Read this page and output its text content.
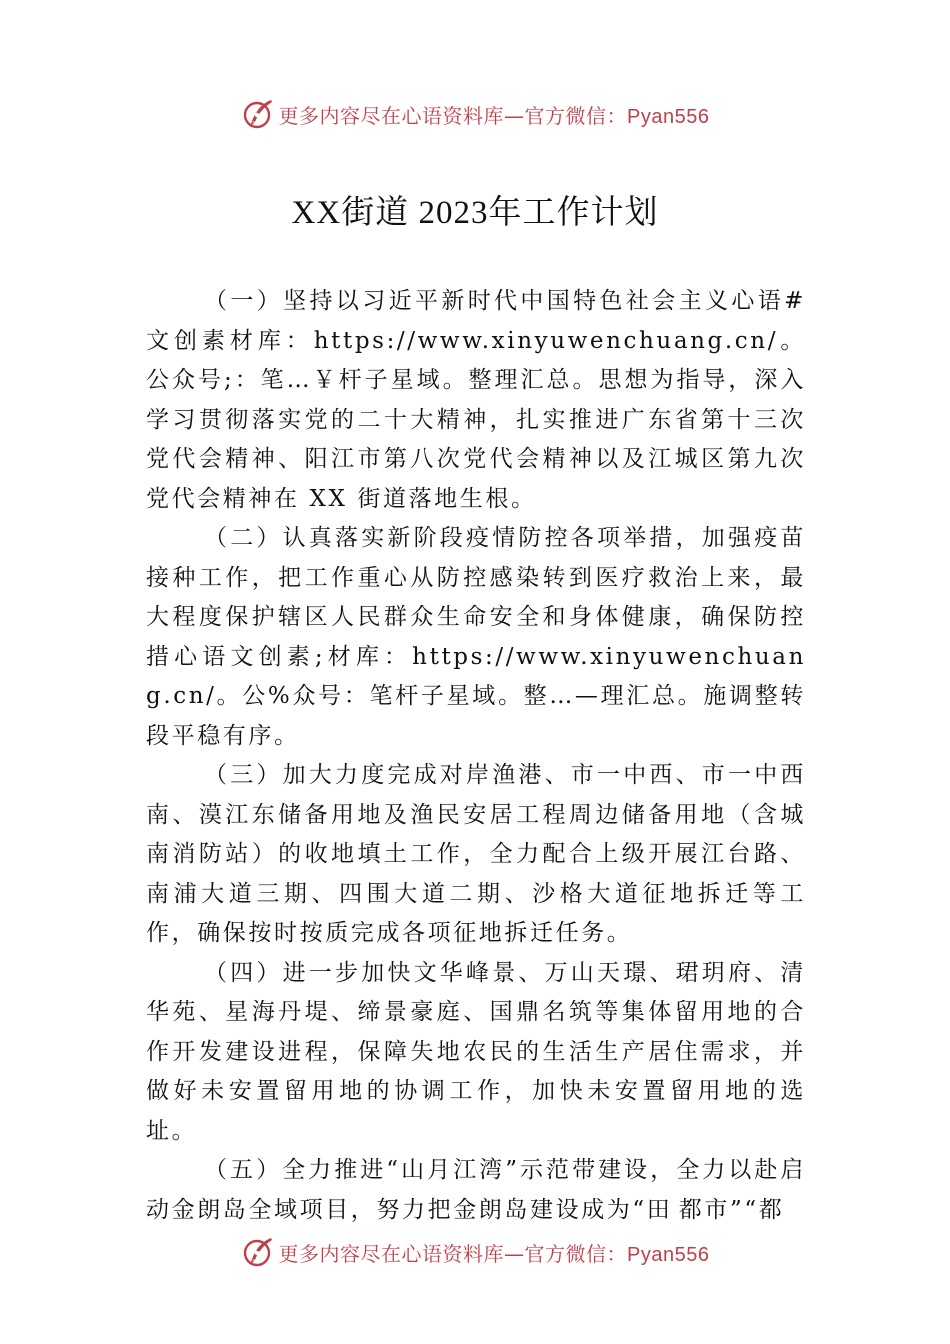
更多内容尽在心语资料库—官方微信：Pyan556
XX街道 2023年工作计划

（一）坚持以习近平新时代中国特色社会主义心语#文创素材库：https://www.xinyuwenchuang.cn/。公众号;：笔…￥杆子星域。整理汇总。思想为指导，深入学习贯彻落实党的二十大精神，扎实推进广东省第十三次党代会精神、阳江市第八次党代会精神以及江城区第九次党代会精神在 XX 街道落地生根。

（二）认真落实新阶段疫情防控各项举措，加强疫苗接种工作，把工作重心从防控感染转到医疗救治上来，最大程度保护辖区人民群众生命安全和身体健康，确保防控措心语文创素;材库：https://www.xinyuwenchuang.cn/。公%众号：笔杆子星域。整…—理汇总。施调整转段平稳有序。

（三）加大力度完成对岸渔港、市一中西、市一中西南、漠江东储备用地及渔民安居工程周边储备用地（含城南消防站）的收地填土工作，全力配合上级开展江台路、南浦大道三期、四围大道二期、沙格大道征地拆迁等工作，确保按时按质完成各项征地拆迁任务。

（四）进一步加快文华峰景、万山天璟、珺玥府、清华苑、星海丹堤、缔景豪庭、国鼎名筑等集体留用地的合作开发建设进程，保障失地农民的生活生产居住需求，并做好未安置留用地的协调工作，加快未安置留用地的选址。

（五）全力推进“山月江湾”示范带建设，全力以赴启动金朗岛全域项目，努力把金朗岛建设成为“田 都市”“都

更多内容尽在心语资料库—官方微信：Pyan556
